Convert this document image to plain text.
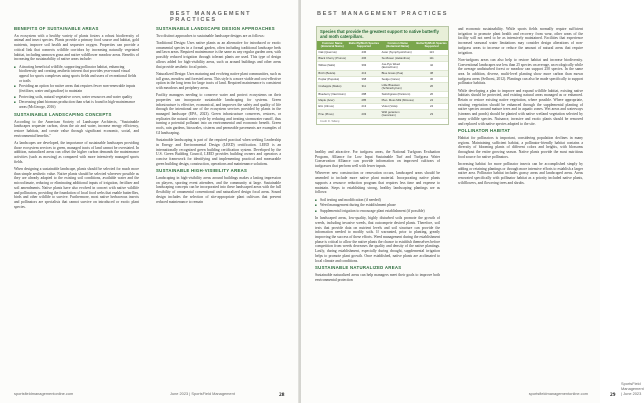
BEST MANAGEMENT PRACTICES
BENEFITS OF SUSTAINABLE AREAS

An ecosystem with a healthy variety of plants fosters a robust biodiversity of animal and insect species. Plants provide a primary food source and habitat, gold nutrients, improve soil health and sequester oxygen. Properties can provide a critical link that connects wildlife corridors by increasing naturally vegetated habitat, including unmown grass and native wildflower meadow areas. Benefits of increasing the sustainability of native areas include:

■ Attracting beneficial wildlife, supporting pollinator habitat, enhancing biodiversity and creating aesthetic interest that provides year-round visual appeal for sports complexes using sports fields and users of recreational fields or trails
■ Providing an option for native areas that requires fewer non-renewable inputs (fertilizer, water and gasoline) to maintain
■ Protecting soils, natural vegetative cover, water resources and water quality
■ Decreasing plant biomass production than what is found in high-maintenance areas (McGeorge, 2016)
SUSTAINABLE LANDSCAPING CONCEPTS

According to the American Society of Landscape Architects, "Sustainable landscapes sequester carbon, clean the air and water, increase energy efficiency, restore habitats, and create value through significant economic, social, and environmental benefits."

As landscapes are developed, the importance of sustainable landscapes providing those ecosystem services to green, managed tracts of land cannot be overstated. In addition, naturalized areas can offset the higher carbon demands the maintenance activities (such as mowing) as compared with more intensively managed sports fields.

When designing a sustainable landscape, plants should be selected for much more than simple aesthetic value. Native plants should be selected wherever possible as they are already adapted to the existing soil conditions, available water and the microclimate, reducing or eliminating additional inputs of irrigation, fertilizer and soil amendments. Native plants have also evolved in concert with native wildlife and pollinators, providing the foundation of local food webs that enable butterflies, birds and other wildlife to survive. Furthermore, most native herbaceous insects and pollinators are specialists that cannot survive on introduced or exotic plant species.

SUSTAINABLE LANDSCAPE DESIGN APPROACHES

Two distinct approaches to sustainable landscape designs are as follows:

Traditional Design: Uses native plants as an alternative for introduced or exotic ornamental species in a formal garden, often including traditional landscape beds and lawn areas. Required maintenance is the same as any regular garden area, with possibly reduced irrigation through tolerant plants are used. This type of design allows added for high-visibility areas, such as around buildings and other areas that provide aesthetic focal points.

Naturalized Design: Uses maturing and evolving native plant communities, such as tall grass, meadow and forested areas. This style is a more viable and cost-effective option in the long term for large tracts of land. Required maintenance is consistent with meadows and periphery areas.

Facility managers needing to conserve water and protect ecosystems on their properties can incorporate sustainable landscaping for systems. Green infrastructure is effective, economical, and improves the safety and quality of life through the intentional use of the ecosystem services provided by plants in the managed landscape (EPA, 2023). Green infrastructure conserves, restores, or replicates the natural water cycle by reducing and treating stormwater runoff, thus turning a potential pollutant into an environmental and economic benefit. Green roofs, rain gardens, bioswales, cisterns and permeable pavements are examples of GI landscaping.

Sustainable landscaping is part of the required practical when seeking Leadership in Energy and Environmental Design (LEED) certification. LEED is an internationally recognized green building certification system. Developed by the U.S. Green Building Council, LEED provides building owners and operators a concise framework for identifying and implementing practical and measurable green building design, construction, operations and maintenance solutions.

SUSTAINABLE HIGH-VISIBILITY AREAS

Landscaping in high-visibility areas around buildings makes a lasting impression on players, sporting event attendees, and the community at large. Sustainable landscaping concepts can be incorporated into these landscaped areas with the full flexibility of ornamental conventional and naturalized design focal areas. Sound design includes the selection of site-appropriate plant cultivars that prevent reduced maintenance to remain

sportsfieldmanagementonline.com	June 2023 | SportsField Management	28
BEST MANAGEMENT PRACTICES

healthy and attractive. For turfgrass areas, the National Turfgrass Evaluation Program, Alliance for Low Input Sustainable Turf and Turfgrass Water Conservation Alliance can provide information on improved cultivars of turfgrasses that perform well with fewer inputs.

Wherever new construction or renovation occurs, landscaped areas should be amended to include more native plant material. Incorporating native plants supports a resource reduction program that requires less time and expense to maintain. Steps to establishing strong, healthy landscaping plantings are as follows:

■ Soil testing and modification (if needed)
■ Weed management during the establishment phase
■ Supplemental irrigation to encourage plant establishment (if possible)

In landscaped areas, low-quality, highly disturbed soils promote the growth of weeds, including invasive weeds, that outcompete desired plants. Therefore, soil tests that provide data on nutrient levels and soil structure can provide the information needed to modify soils. If warranted, prior to planting, greatly improving the success of these efforts. Weed management during the establishment phase is critical to allow the native plants the chance to establish themselves before competition from weeds decreases the quality and density of the native plantings. Lastly, during establishment, especially during drought, supplemental irrigation helps to promote plant growth. Once established, native plants are acclimated to local climate and conditions.

SUSTAINABLE NATURALIZED AREAS

Sustainable naturalized areas can help managers meet their goals to improve both environmental protection

and economic sustainability. While sports fields normally require sufficient irrigation to promote plant health and recovery from wear, other areas of the facility will not need to be as intensively maintained. Facilities that experience increased seasonal water limitations may consider design alterations of non-turfgrass areas to increase or reduce the amount of natural areas that require irrigation.

Non-turfgrass areas can also help to restore habitat and increase biodiversity. Conventional landscapes use less than 25 species on average, an ecologically while the average undisturbed forest or meadow can support 250 species. In the same area. In addition, diverse, multi-level planting show more carbon than mown turfgrass areas (Selhorst, 2012). Plantings can also be made specifically to support pollinator habitats.

While developing a plan to improve and expand wildlife habitat, existing native habitats should be protected, and existing natural areas managed as or enhanced. Retain or restore existing native vegetation, where possible. Where appropriate, existing vegetation should be enhanced through the supplemental planting of native species around mature trees and in aquatic zones. Wet areas and waterways (streams and ponds) should be planted with native wetland vegetation selected by many wildlife species. Nuisance, invasive and exotic plants should be removed and replaced with native species adapted to the site.

POLLINATOR HABITAT

Habitat for pollinators is important, considering population declines in many regions. Maintaining sufficient habitat, a pollinator-friendly habitat contains a diversity of blooming plants of different colors and heights, with blossoms throughout the entire growing season. Native plants provide the most nutritious food source for native pollinators.

Increasing habitat for more pollinator insects can be accomplished simply by adding or retaining plantings or through more intensive efforts to establish a larger native area. Pollinator habitat includes grassy areas and landscaped areas. Areas renovated specifically with pollinator habitat as a priority included native plants, wildflowers, and flowering trees and shrubs.

SportsField Management | June 2023
sportsfieldmanagementonline.com	29
Species that provide the greatest support to native butterfly and moth caterpillars.
Common Name (Botanical Name)	Butterfly/Moth Species Supported	Common Name (Botanical Name)	Butterfly/Moth Species Supported
Oak (Quercus)	436	Aster (Symphyotrichum)	113
Black Cherry (Prunus)	406	Sunflower (Helianthus)	111
Willow (Salix)	393	Joe-Pye Weed (Eutrochium)	42
Birch (Betula)	413	Blue Grass (Poa)	38
Poplar (Populus)	368	Sedge (Carex)	36
Crabapple (Malus)	311	Little Bluestem (Schizachyrium)	26
Blueberry (Vaccinium)	288	Switchgrass (Panicum)	26
Maple (Acer)	285	Plan. Moss Milk (Mimosa)	24
Elm (Ulmus)	213	Violet (Viola)	24
Pine (Pinus)	203	Wild geranium (Geranium)	23
Credit: D. Tallamy
